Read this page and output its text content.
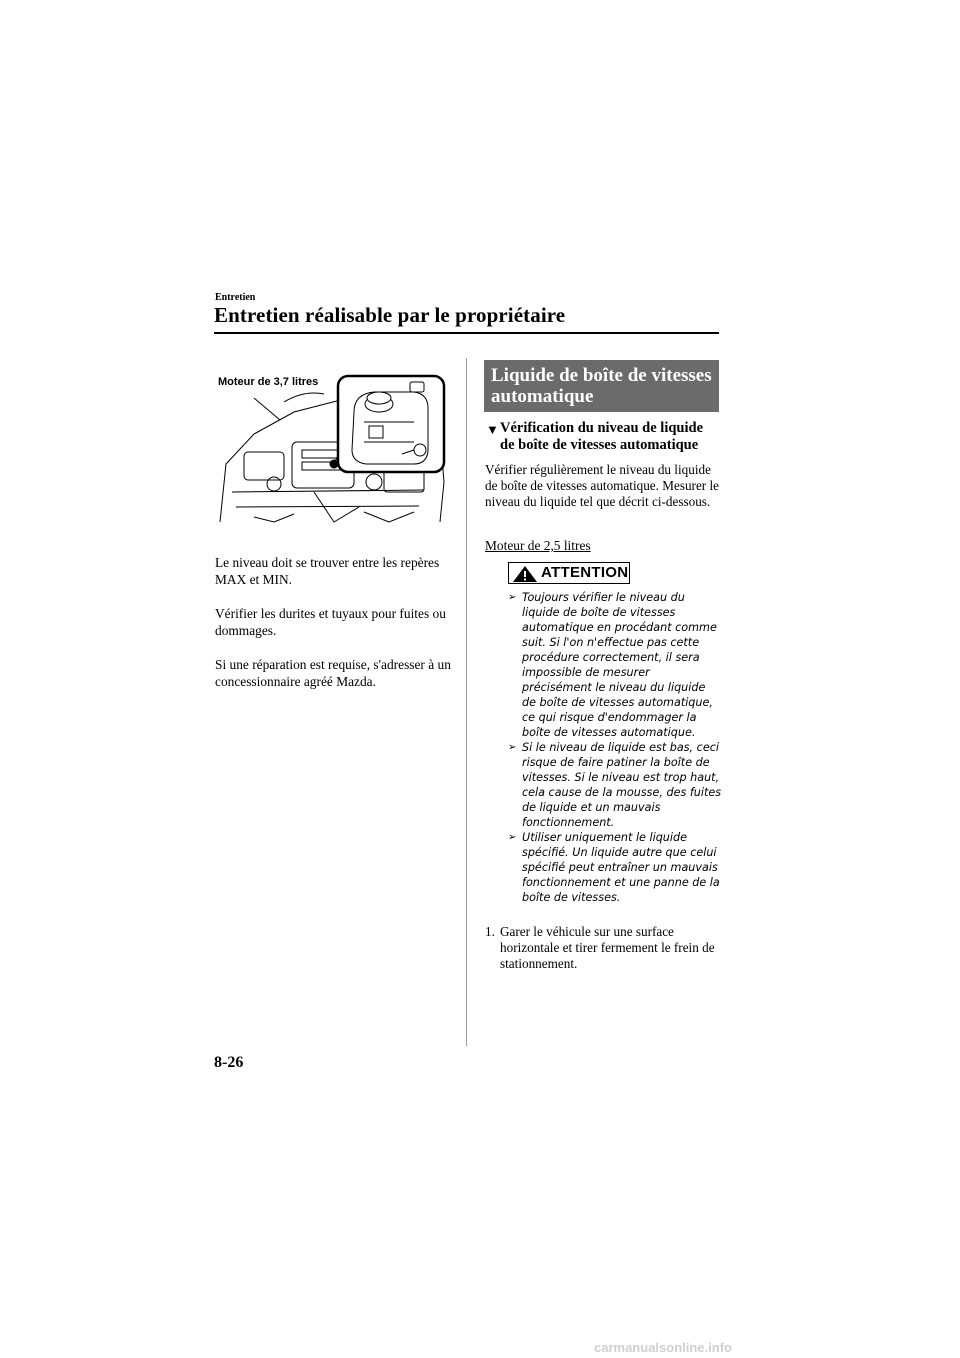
Entretien
Entretien réalisable par le propriétaire
Moteur de 3,7 litres
Le niveau doit se trouver entre les repères MAX et MIN.
Vérifier les durites et tuyaux pour fuites ou dommages.
Si une réparation est requise, s'adresser à un concessionnaire agréé Mazda.
Liquide de boîte de vitesses automatique
▼ Vérification du niveau de liquide de boîte de vitesses automatique
Vérifier régulièrement le niveau du liquide de boîte de vitesses automatique. Mesurer le niveau du liquide tel que décrit ci-dessous.
Moteur de 2,5 litres
ATTENTION
➢ Toujours vérifier le niveau du liquide de boîte de vitesses automatique en procédant comme suit. Si l'on n'effectue pas cette procédure correctement, il sera impossible de mesurer précisément le niveau du liquide de boîte de vitesses automatique, ce qui risque d'endommager la boîte de vitesses automatique.
➢ Si le niveau de liquide est bas, ceci risque de faire patiner la boîte de vitesses. Si le niveau est trop haut, cela cause de la mousse, des fuites de liquide et un mauvais fonctionnement.
➢ Utiliser uniquement le liquide spécifié. Un liquide autre que celui spécifié peut entraîner un mauvais fonctionnement et une panne de la boîte de vitesses.
1. Garer le véhicule sur une surface horizontale et tirer fermement le frein de stationnement.
8-26
carmanualsonline.info
